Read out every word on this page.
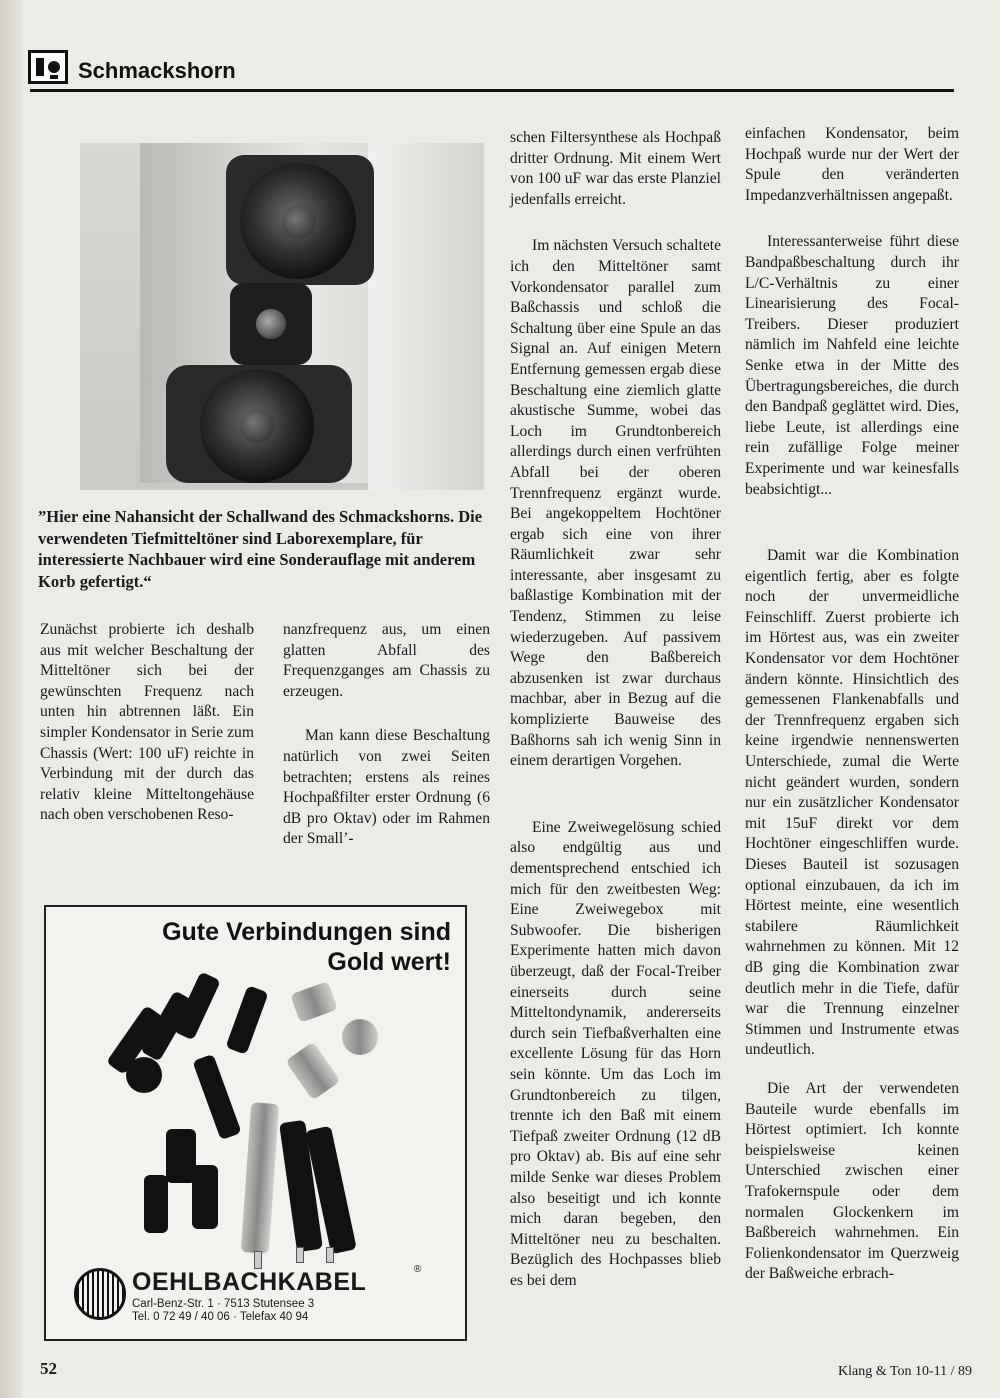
Schmackshorn
”Hier eine Nahansicht der Schallwand des Schmackshorns. Die verwendeten Tiefmitteltöner sind Laborexemplare, für interessierte Nachbauer wird eine Sonderauflage mit anderem Korb gefertigt.“

Zunächst probierte ich deshalb aus mit welcher Beschaltung der Mitteltöner sich bei der gewünschten Frequenz nach unten hin abtrennen läßt. Ein simpler Kondensator in Serie zum Chassis (Wert: 100 uF) reichte in Verbindung mit der durch das relativ kleine Mitteltongehäuse nach oben verschobenen Reso-

nanzfrequenz aus, um einen glatten Abfall des Frequenzganges am Chassis zu erzeugen.

Man kann diese Beschaltung natürlich von zwei Seiten betrachten; erstens als reines Hochpaßfilter erster Ordnung (6 dB pro Oktav) oder im Rahmen der Small’-

schen Filtersynthese als Hochpaß dritter Ordnung. Mit einem Wert von 100 uF war das erste Planziel jedenfalls erreicht.

Im nächsten Versuch schaltete ich den Mitteltöner samt Vorkondensator parallel zum Baßchassis und schloß die Schaltung über eine Spule an das Signal an. Auf einigen Metern Entfernung gemessen ergab diese Beschaltung eine ziemlich glatte akustische Summe, wobei das Loch im Grundtonbereich allerdings durch einen verfrühten Abfall bei der oberen Trennfrequenz ergänzt wurde. Bei angekoppeltem Hochtöner ergab sich eine von ihrer Räumlichkeit zwar sehr interessante, aber insgesamt zu baßlastige Kombination mit der Tendenz, Stimmen zu leise wiederzugeben. Auf passivem Wege den Baßbereich abzusenken ist zwar durchaus machbar, aber in Bezug auf die komplizierte Bauweise des Baßhorns sah ich wenig Sinn in einem derartigen Vorgehen.

Eine Zweiwegelösung schied also endgültig aus und dementsprechend entschied ich mich für den zweitbesten Weg: Eine Zweiwegebox mit Subwoofer. Die bisherigen Experimente hatten mich davon überzeugt, daß der Focal-Treiber einerseits durch seine Mitteltondynamik, andererseits durch sein Tiefbaßverhalten eine excellente Lösung für das Horn sein könnte. Um das Loch im Grundtonbereich zu tilgen, trennte ich den Baß mit einem Tiefpaß zweiter Ordnung (12 dB pro Oktav) ab. Bis auf eine sehr milde Senke war dieses Problem also beseitigt und ich konnte mich daran begeben, den Mitteltöner neu zu beschalten. Bezüglich des Hochpasses blieb es bei dem

einfachen Kondensator, beim Hochpaß wurde nur der Wert der Spule den veränderten Impedanzverhältnissen angepaßt.

Interessanterweise führt diese Bandpaßbeschaltung durch ihr L/C-Verhältnis zu einer Linearisierung des Focal-Treibers. Dieser produziert nämlich im Nahfeld eine leichte Senke etwa in der Mitte des Übertragungsbereiches, die durch den Bandpaß geglättet wird. Dies, liebe Leute, ist allerdings eine rein zufällige Folge meiner Experimente und war keinesfalls beabsichtigt...

Damit war die Kombination eigentlich fertig, aber es folgte noch der unvermeidliche Feinschliff. Zuerst probierte ich im Hörtest aus, was ein zweiter Kondensator vor dem Hochtöner ändern könnte. Hinsichtlich des gemessenen Flankenabfalls und der Trennfrequenz ergaben sich keine irgendwie nennenswerten Unterschiede, zumal die Werte nicht geändert wurden, sondern nur ein zusätzlicher Kondensator mit 15uF direkt vor dem Hochtöner eingeschliffen wurde. Dieses Bauteil ist sozusagen optional einzubauen, da ich im Hörtest meinte, eine wesentlich stabilere Räumlichkeit wahrnehmen zu können. Mit 12 dB ging die Kombination zwar deutlich mehr in die Tiefe, dafür war die Trennung einzelner Stimmen und Instrumente etwas undeutlich.

Die Art der verwendeten Bauteile wurde ebenfalls im Hörtest optimiert. Ich konnte beispielsweise keinen Unterschied zwischen einer Trafokernspule oder dem normalen Glockenkern im Baßbereich wahrnehmen. Ein Folienkondensator im Querzweig der Baßweiche erbrach-

Gute Verbindungen sind
Gold wert!
OEHLBACHKABEL	®
Carl-Benz-Str. 1 · 7513 Stutensee 3
Tel. 0 72 49 / 40 06 · Telefax 40 94
52	Klang & Ton 10-11 / 89
